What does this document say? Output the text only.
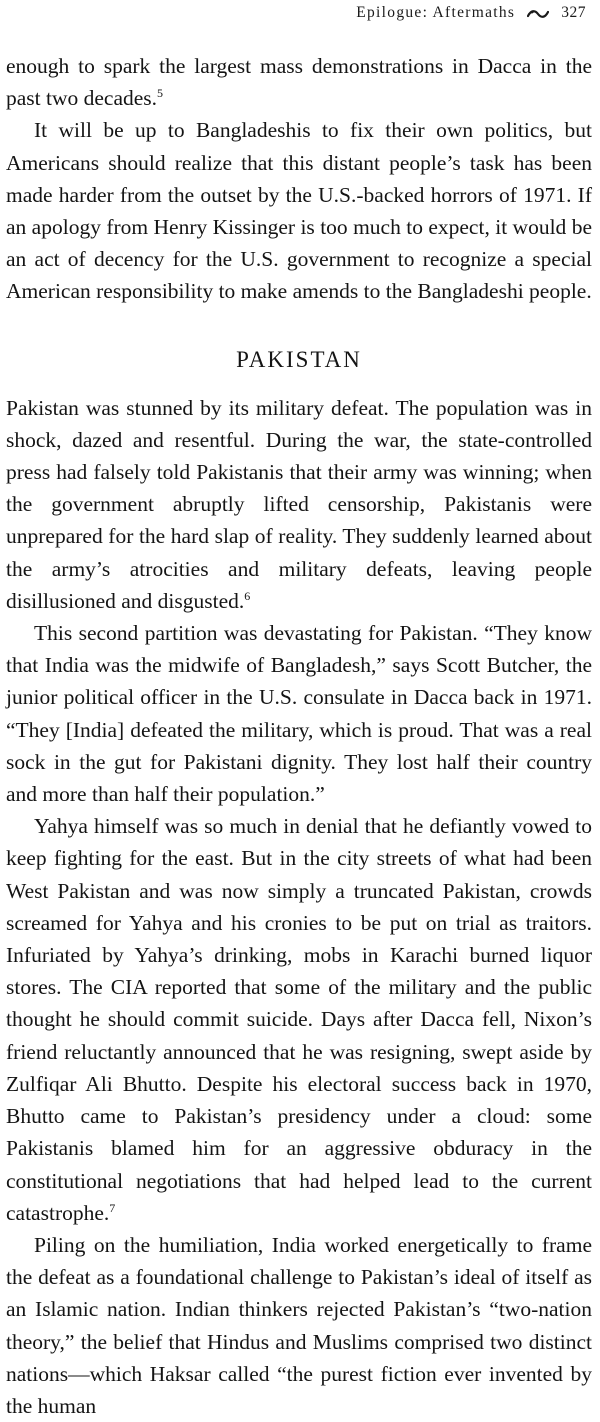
Epilogue: Aftermaths	327

enough to spark the largest mass demonstrations in Dacca in the past two decades.$^5$

It will be up to Bangladeshis to fix their own politics, but Americans should realize that this distant people’s task has been made harder from the outset by the U.S.-backed horrors of 1971. If an apology from Henry Kissinger is too much to expect, it would be an act of decency for the U.S. government to recognize a special American responsibility to make amends to the Bangladeshi people.

PAKISTAN

Pakistan was stunned by its military defeat. The population was in shock, dazed and resentful. During the war, the state-controlled press had falsely told Pakistanis that their army was winning; when the government abruptly lifted censorship, Pakistanis were unprepared for the hard slap of reality. They suddenly learned about the army’s atrocities and military defeats, leaving people disillusioned and disgusted.$^6$

This second partition was devastating for Pakistan. “They know that India was the midwife of Bangladesh,” says Scott Butcher, the junior political officer in the U.S. consulate in Dacca back in 1971. “They [India] defeated the military, which is proud. That was a real sock in the gut for Pakistani dignity. They lost half their country and more than half their population.”

Yahya himself was so much in denial that he defiantly vowed to keep fighting for the east. But in the city streets of what had been West Pakistan and was now simply a truncated Pakistan, crowds screamed for Yahya and his cronies to be put on trial as traitors. Infuriated by Yahya’s drinking, mobs in Karachi burned liquor stores. The CIA reported that some of the military and the public thought he should commit suicide. Days after Dacca fell, Nixon’s friend reluctantly announced that he was resigning, swept aside by Zulfiqar Ali Bhutto. Despite his electoral success back in 1970, Bhutto came to Pakistan’s presidency under a cloud: some Pakistanis blamed him for an aggressive obduracy in the constitutional negotiations that had helped lead to the current catastrophe.$^7$

Piling on the humiliation, India worked energetically to frame the defeat as a foundational challenge to Pakistan’s ideal of itself as an Islamic nation. Indian thinkers rejected Pakistan’s “two-nation theory,” the belief that Hindus and Muslims comprised two distinct nations—which Haksar called “the purest fiction ever invented by the human
